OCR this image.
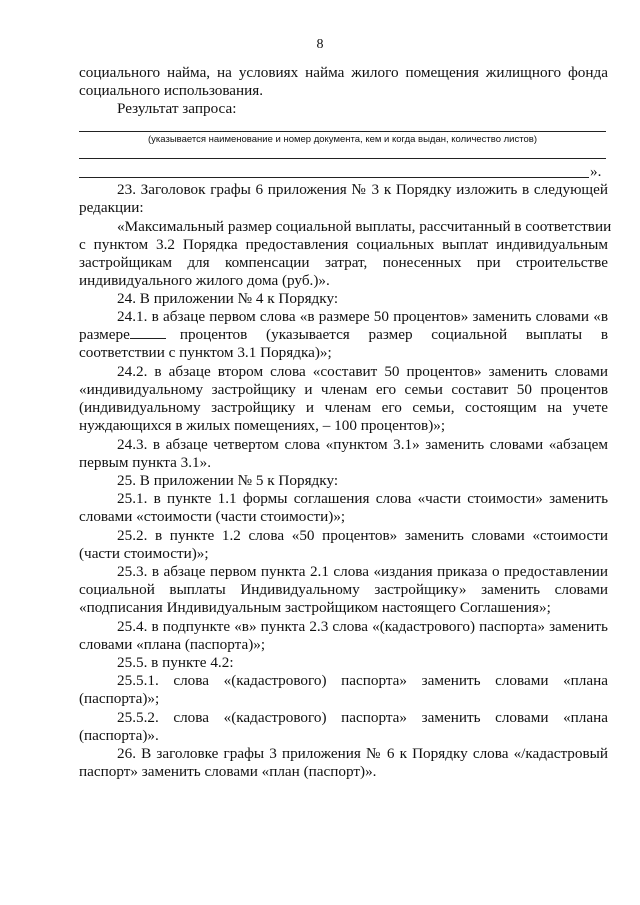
8
социального найма, на условиях найма жилого помещения жилищного фонда
социального использования.
Результат запроса:
(указывается наименование и номер документа, кем и когда выдан, количество листов)
».
23. Заголовок графы 6 приложения № 3 к Порядку изложить в следующей
редакции:
«Максимальный размер социальной выплаты, рассчитанный в соответствии
с пунктом 3.2 Порядка предоставления социальных выплат индивидуальным
застройщикам для компенсации затрат, понесенных при строительстве
индивидуального жилого дома (руб.)».
24. В приложении № 4 к Порядку:
24.1. в абзаце первом слова «в размере 50 процентов» заменить словами «в
размере	процентов (указывается размер социальной выплаты в
соответствии с пунктом 3.1 Порядка)»;
24.2. в абзаце втором слова «составит 50 процентов» заменить словами
«индивидуальному застройщику и членам его семьи составит 50 процентов
(индивидуальному застройщику и членам его семьи, состоящим на учете
нуждающихся в жилых помещениях, – 100 процентов)»;
24.3. в абзаце четвертом слова «пунктом 3.1» заменить словами «абзацем
первым пункта 3.1».
25. В приложении № 5 к Порядку:
25.1. в пункте 1.1 формы соглашения слова «части стоимости» заменить
словами «стоимости (части стоимости)»;
25.2. в пункте 1.2 слова «50 процентов» заменить словами «стоимости
(части стоимости)»;
25.3. в абзаце первом пункта 2.1 слова «издания приказа о предоставлении
социальной выплаты Индивидуальному застройщику» заменить словами
«подписания Индивидуальным застройщиком настоящего Соглашения»;
25.4. в подпункте «в» пункта 2.3 слова «(кадастрового) паспорта» заменить
словами «плана (паспорта)»;
25.5. в пункте 4.2:
25.5.1. слова «(кадастрового) паспорта» заменить словами «плана
(паспорта)»;
25.5.2. слова «(кадастрового) паспорта» заменить словами «плана
(паспорта)».
26. В заголовке графы 3 приложения № 6 к Порядку слова «/кадастровый
паспорт» заменить словами «план (паспорт)».
